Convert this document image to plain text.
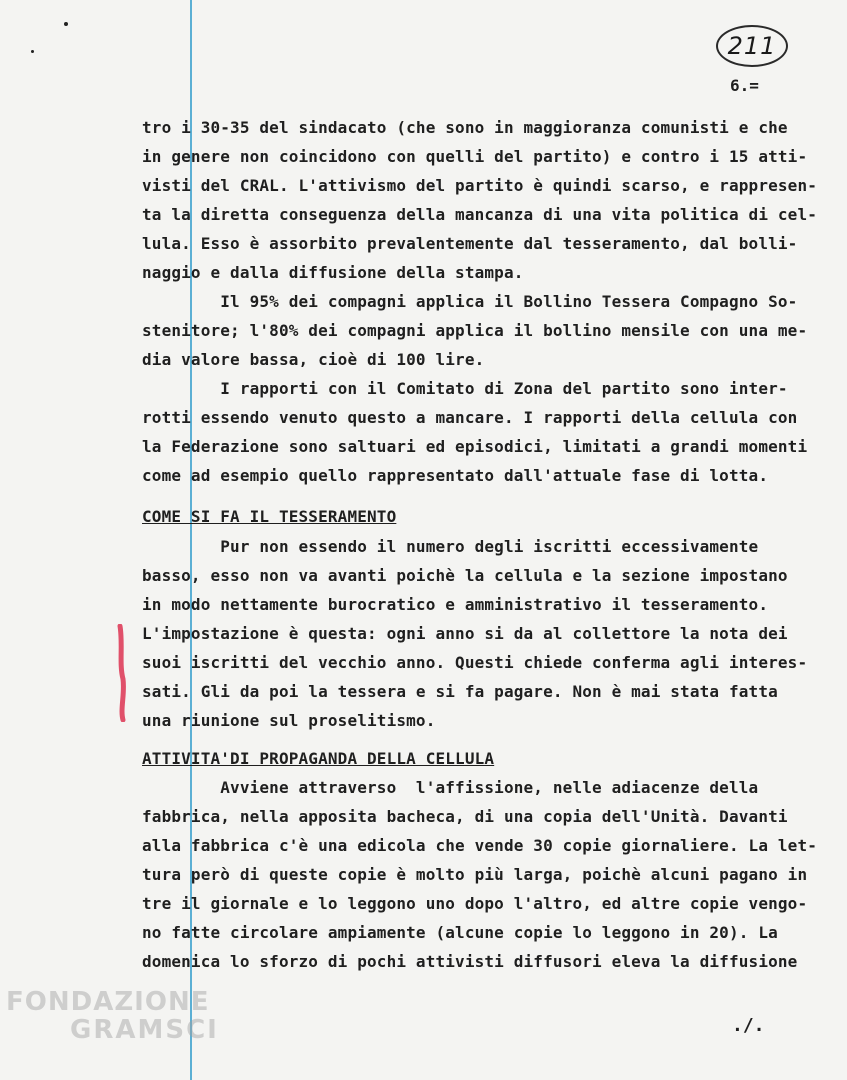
211
6.=
tro i 30-35 del sindacato (che sono in maggioranza comunisti e che
in genere non coincidono con quelli del partito) e contro i 15 atti-
visti del CRAL. L'attivismo del partito è quindi scarso, e rappresen-
ta la diretta conseguenza della mancanza di una vita politica di cel-
lula. Esso è assorbito prevalentemente dal tesseramento, dal bolli-
naggio e dalla diffusione della stampa.
Il 95% dei compagni applica il Bollino Tessera Compagno So-
stenitore; l'80% dei compagni applica il bollino mensile con una me-
dia valore bassa, cioè di 100 lire.
I rapporti con il Comitato di Zona del partito sono inter-
rotti essendo venuto questo a mancare. I rapporti della cellula con
la Federazione sono saltuari ed episodici, limitati a grandi momenti
come ad esempio quello rappresentato dall'attuale fase di lotta.
COME SI FA IL TESSERAMENTO
Pur non essendo il numero degli iscritti eccessivamente
basso, esso non va avanti poichè la cellula e la sezione impostano
in modo nettamente burocratico e amministrativo il tesseramento.
L'impostazione è questa: ogni anno si da al collettore la nota dei
suoi iscritti del vecchio anno. Questi chiede conferma agli interes-
sati. Gli da poi la tessera e si fa pagare. Non è mai stata fatta
una riunione sul proselitismo.
ATTIVITA'DI PROPAGANDA DELLA CELLULA
Avviene attraverso  l'affissione, nelle adiacenze della
fabbrica, nella apposita bacheca, di una copia dell'Unità. Davanti
alla fabbrica c'è una edicola che vende 30 copie giornaliere. La let-
tura però di queste copie è molto più larga, poichè alcuni pagano in
tre il giornale e lo leggono uno dopo l'altro, ed altre copie vengo-
no fatte circolare ampiamente (alcune copie lo leggono in 20). La
domenica lo sforzo di pochi attivisti diffusori eleva la diffusione
./.
FONDAZIONE
GRAMSCI
